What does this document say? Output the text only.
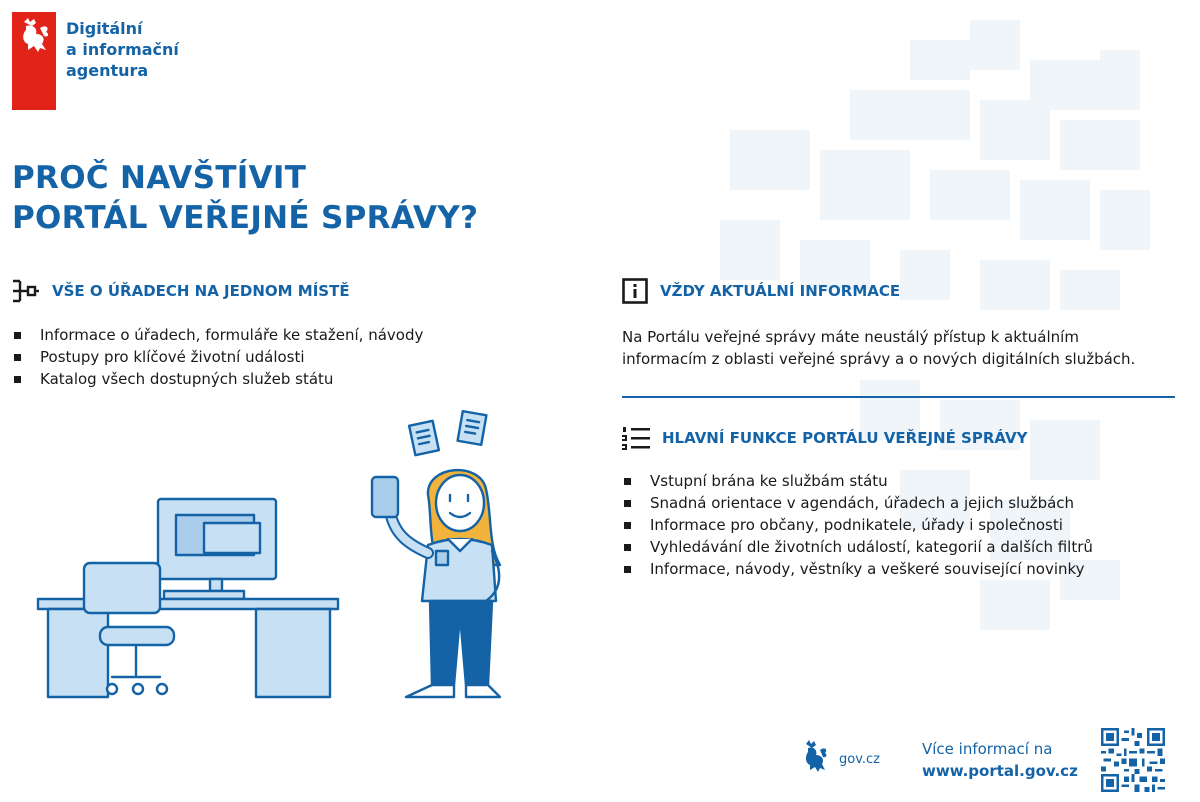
Digitální
a informační
agentura
PROČ NAVŠTÍVIT
PORTÁL VEŘEJNÉ SPRÁVY?
VŠE O ÚŘADECH NA JEDNOM MÍSTĚ
Informace o úřadech, formuláře ke stažení, návody
Postupy pro klíčové životní události
Katalog všech dostupných služeb státu
VŽDY AKTUÁLNÍ INFORMACE
Na Portálu veřejné správy máte neustálý přístup k aktuálním
informacím z oblasti veřejné správy a o nových digitálních službách.
HLAVNÍ FUNKCE PORTÁLU VEŘEJNÉ SPRÁVY
Vstupní brána ke službám státu
Snadná orientace v agendách, úřadech a jejich službách
Informace pro občany, podnikatele, úřady i společnosti
Vyhledávání dle životních událostí, kategorií a dalších filtrů
Informace, návody, věstníky a veškeré související novinky
gov.cz
Více informací na
www.portal.gov.cz
